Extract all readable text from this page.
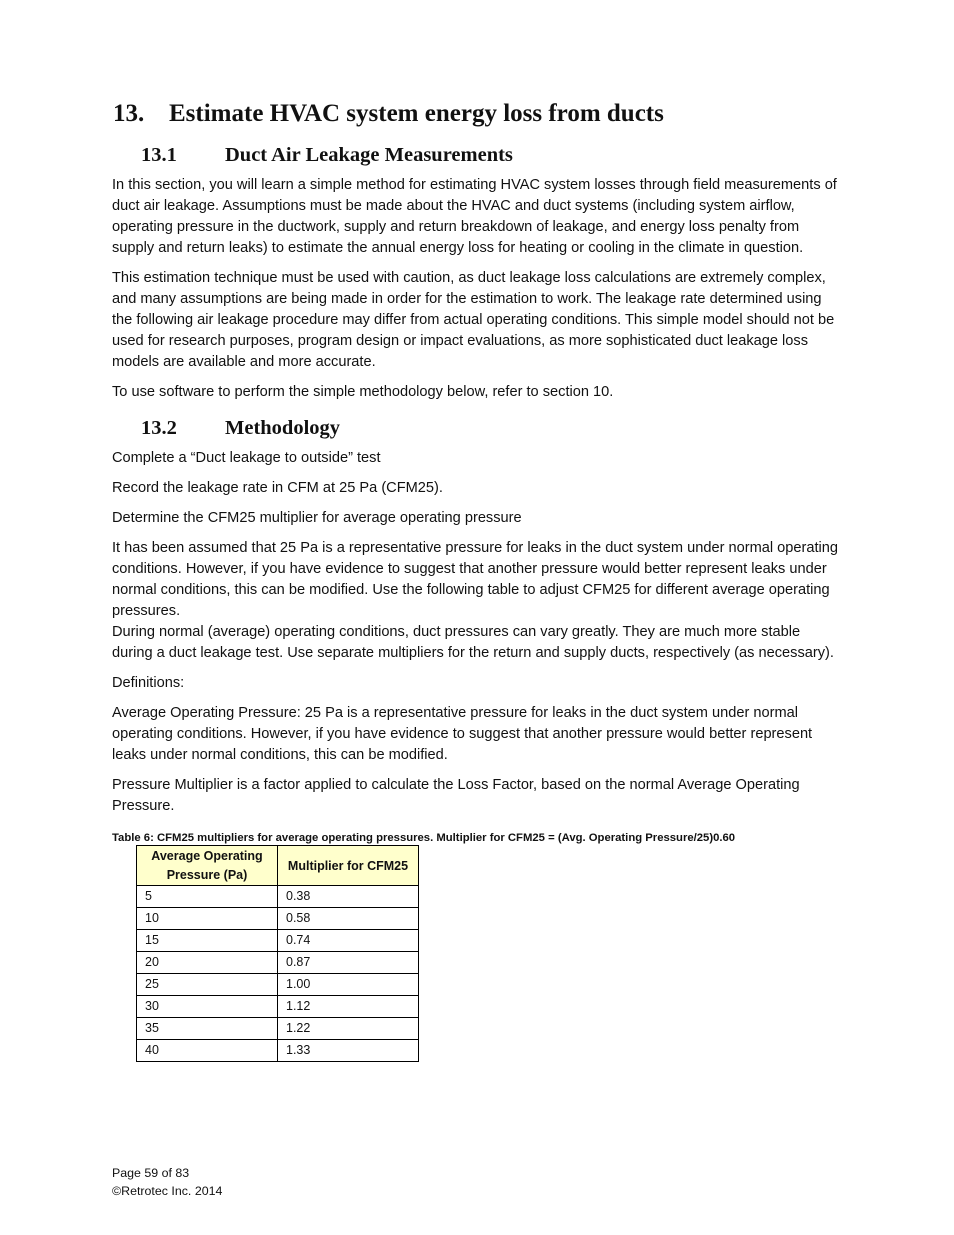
13. Estimate HVAC system energy loss from ducts
13.1	Duct Air Leakage Measurements

In this section, you will learn a simple method for estimating HVAC system losses through field measurements of duct air leakage. Assumptions must be made about the HVAC and duct systems (including system airflow, operating pressure in the ductwork, supply and return breakdown of leakage, and energy loss penalty from supply and return leaks) to estimate the annual energy loss for heating or cooling in the climate in question.

This estimation technique must be used with caution, as duct leakage loss calculations are extremely complex, and many assumptions are being made in order for the estimation to work. The leakage rate determined using the following air leakage procedure may differ from actual operating conditions. This simple model should not be used for research purposes, program design or impact evaluations, as more sophisticated duct leakage loss models are available and more accurate.

To use software to perform the simple methodology below, refer to section 10.

13.2	Methodology

Complete a “Duct leakage to outside” test

Record the leakage rate in CFM at 25 Pa (CFM25).

Determine the CFM25 multiplier for average operating pressure

It has been assumed that 25 Pa is a representative pressure for leaks in the duct system under normal operating conditions. However, if you have evidence to suggest that another pressure would better represent leaks under normal conditions, this can be modified. Use the following table to adjust CFM25 for different average operating pressures.

During normal (average) operating conditions, duct pressures can vary greatly. They are much more stable during a duct leakage test. Use separate multipliers for the return and supply ducts, respectively (as necessary).

Definitions:

Average Operating Pressure: 25 Pa is a representative pressure for leaks in the duct system under normal operating conditions. However, if you have evidence to suggest that another pressure would better represent leaks under normal conditions, this can be modified.

Pressure Multiplier is a factor applied to calculate the Loss Factor, based on the normal Average Operating Pressure.

Table 6: CFM25 multipliers for average operating pressures. Multiplier for CFM25 = (Avg. Operating Pressure/25)0.60
Average Operating Pressure (Pa)	Multiplier for CFM25
5	0.38
10	0.58
15	0.74
20	0.87
25	1.00
30	1.12
35	1.22
40	1.33
Page 59 of 83
©Retrotec Inc. 2014
